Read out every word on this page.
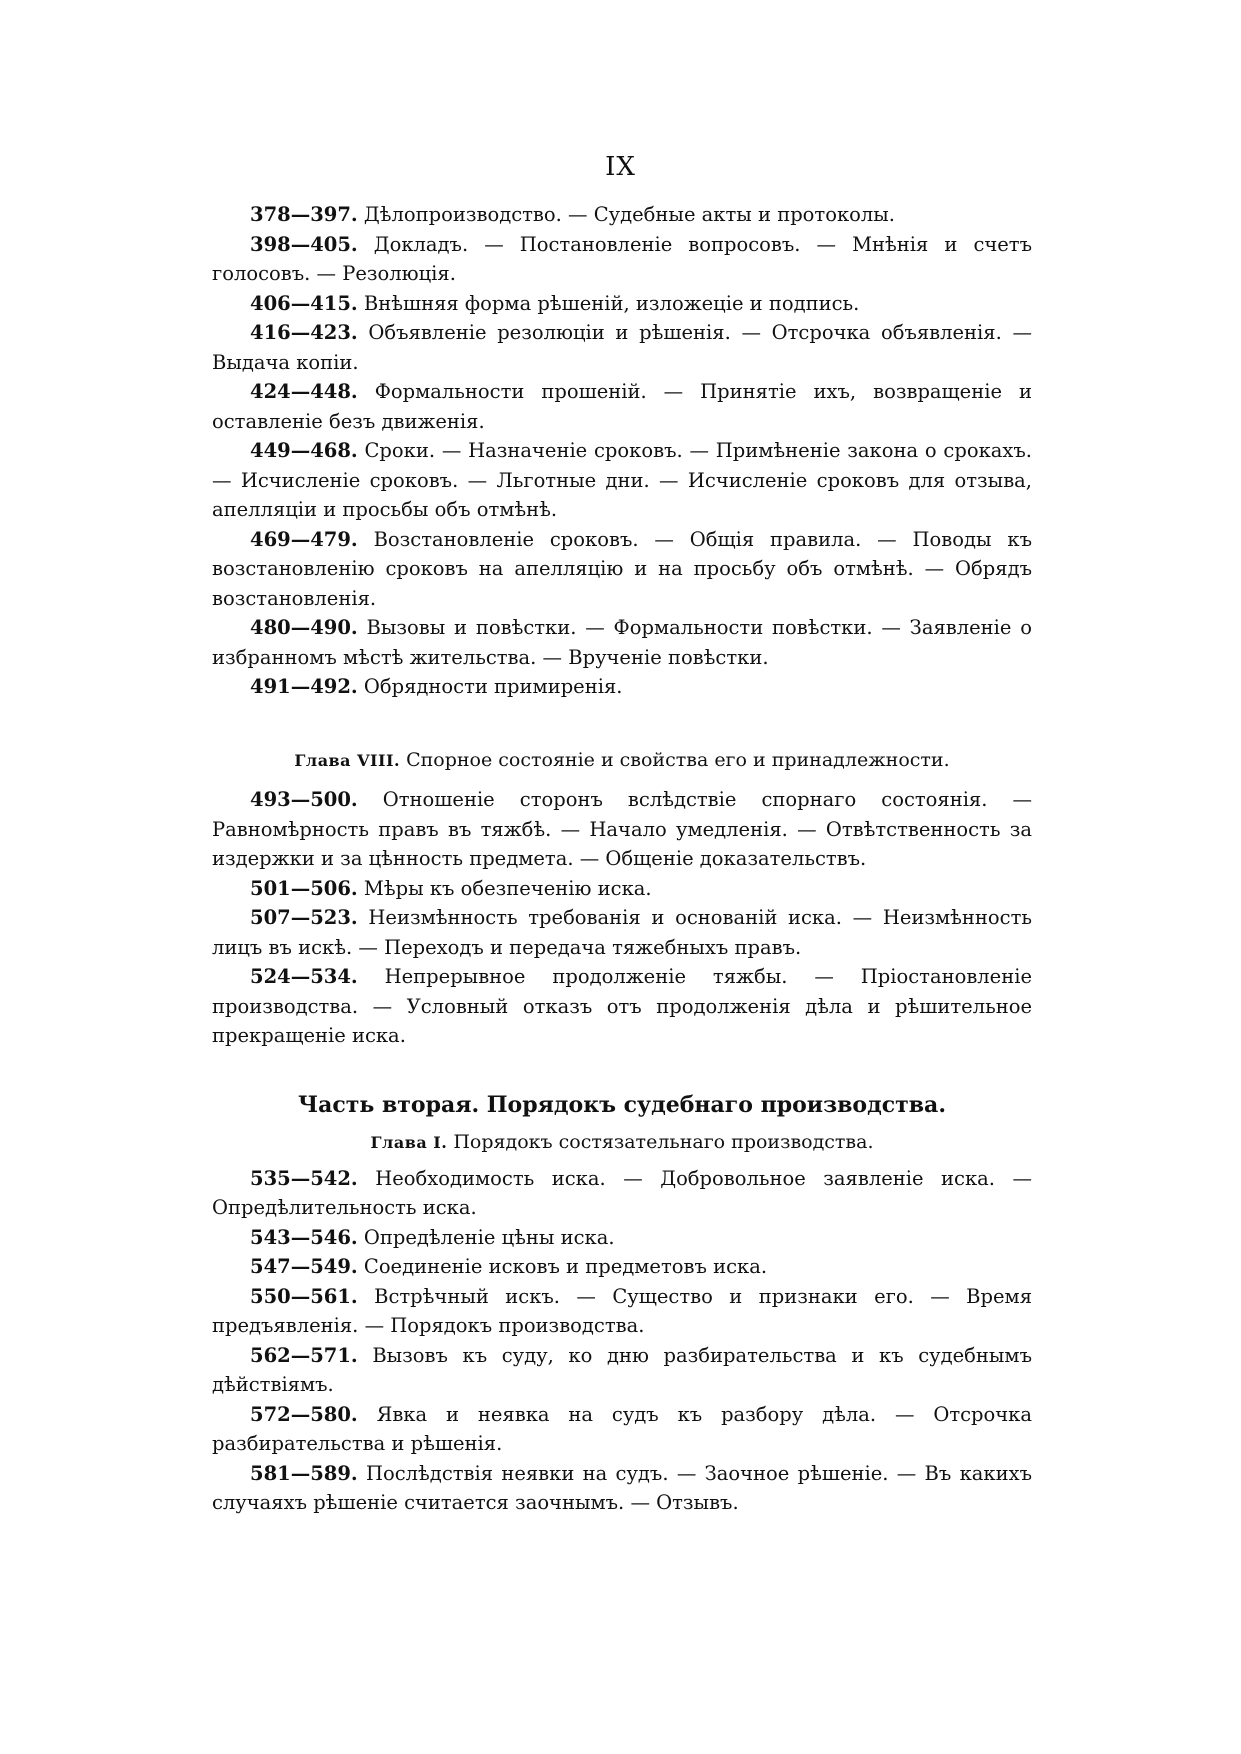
IX

378—397. Дѣлопроизводство. — Судебные акты и протоколы.

398—405. Докладъ. — Постановленіе вопросовъ. — Мнѣнія и счетъ голосовъ. — Резолюція.

406—415. Внѣшняя форма рѣшеній, изложеціе и подпись.

416—423. Объявленіе резолюціи и рѣшенія. — Отсрочка объявленія. — Выдача копіи.

424—448. Формальности прошеній. — Принятіе ихъ, возвращеніе и оставленіе безъ движенія.

449—468. Сроки. — Назначеніе сроковъ. — Примѣненіе закона о срокахъ. — Исчисленіе сроковъ. — Льготные дни. — Исчисленіе сроковъ для отзыва, апелляціи и просьбы объ отмѣнѣ.

469—479. Возстановленіе сроковъ. — Общія правила. — Поводы къ возстановленію сроковъ на апелляцію и на просьбу объ отмѣнѣ. — Обрядъ возстановленія.

480—490. Вызовы и повѣстки. — Формальности повѣстки. — Заявленіе о избранномъ мѣстѣ жительства. — Врученіе повѣстки.

491—492. Обрядности примиренія.

Глава VIII. Спорное состояніе и свойства его и принадлежности.

493—500. Отношеніе сторонъ вслѣдствіе спорнаго состоянія. — Равномѣрность правъ въ тяжбѣ. — Начало умедленія. — Отвѣтственность за издержки и за цѣнность предмета. — Общеніе доказательствъ.

501—506. Мѣры къ обезпеченію иска.

507—523. Неизмѣнность требованія и основаній иска. — Неизмѣнность лицъ въ искѣ. — Переходъ и передача тяжебныхъ правъ.

524—534. Непрерывное продолженіе тяжбы. — Пріостановленіе производства. — Условный отказъ отъ продолженія дѣла и рѣшительное прекращеніе иска.

Часть вторая. Порядокъ судебнаго производства.

Глава I. Порядокъ состязательнаго производства.

535—542. Необходимость иска. — Добровольное заявленіе иска. — Опредѣлительность иска.

543—546. Опредѣленіе цѣны иска.

547—549. Соединеніе исковъ и предметовъ иска.

550—561. Встрѣчный искъ. — Существо и признаки его. — Время предъявленія. — Порядокъ производства.

562—571. Вызовъ къ суду, ко дню разбирательства и къ судебнымъ дѣйствіямъ.

572—580. Явка и неявка на судъ къ разбору дѣла. — Отсрочка разбирательства и рѣшенія.

581—589. Послѣдствія неявки на судъ. — Заочное рѣшеніе. — Въ какихъ случаяхъ рѣшеніе считается заочнымъ. — Отзывъ.
